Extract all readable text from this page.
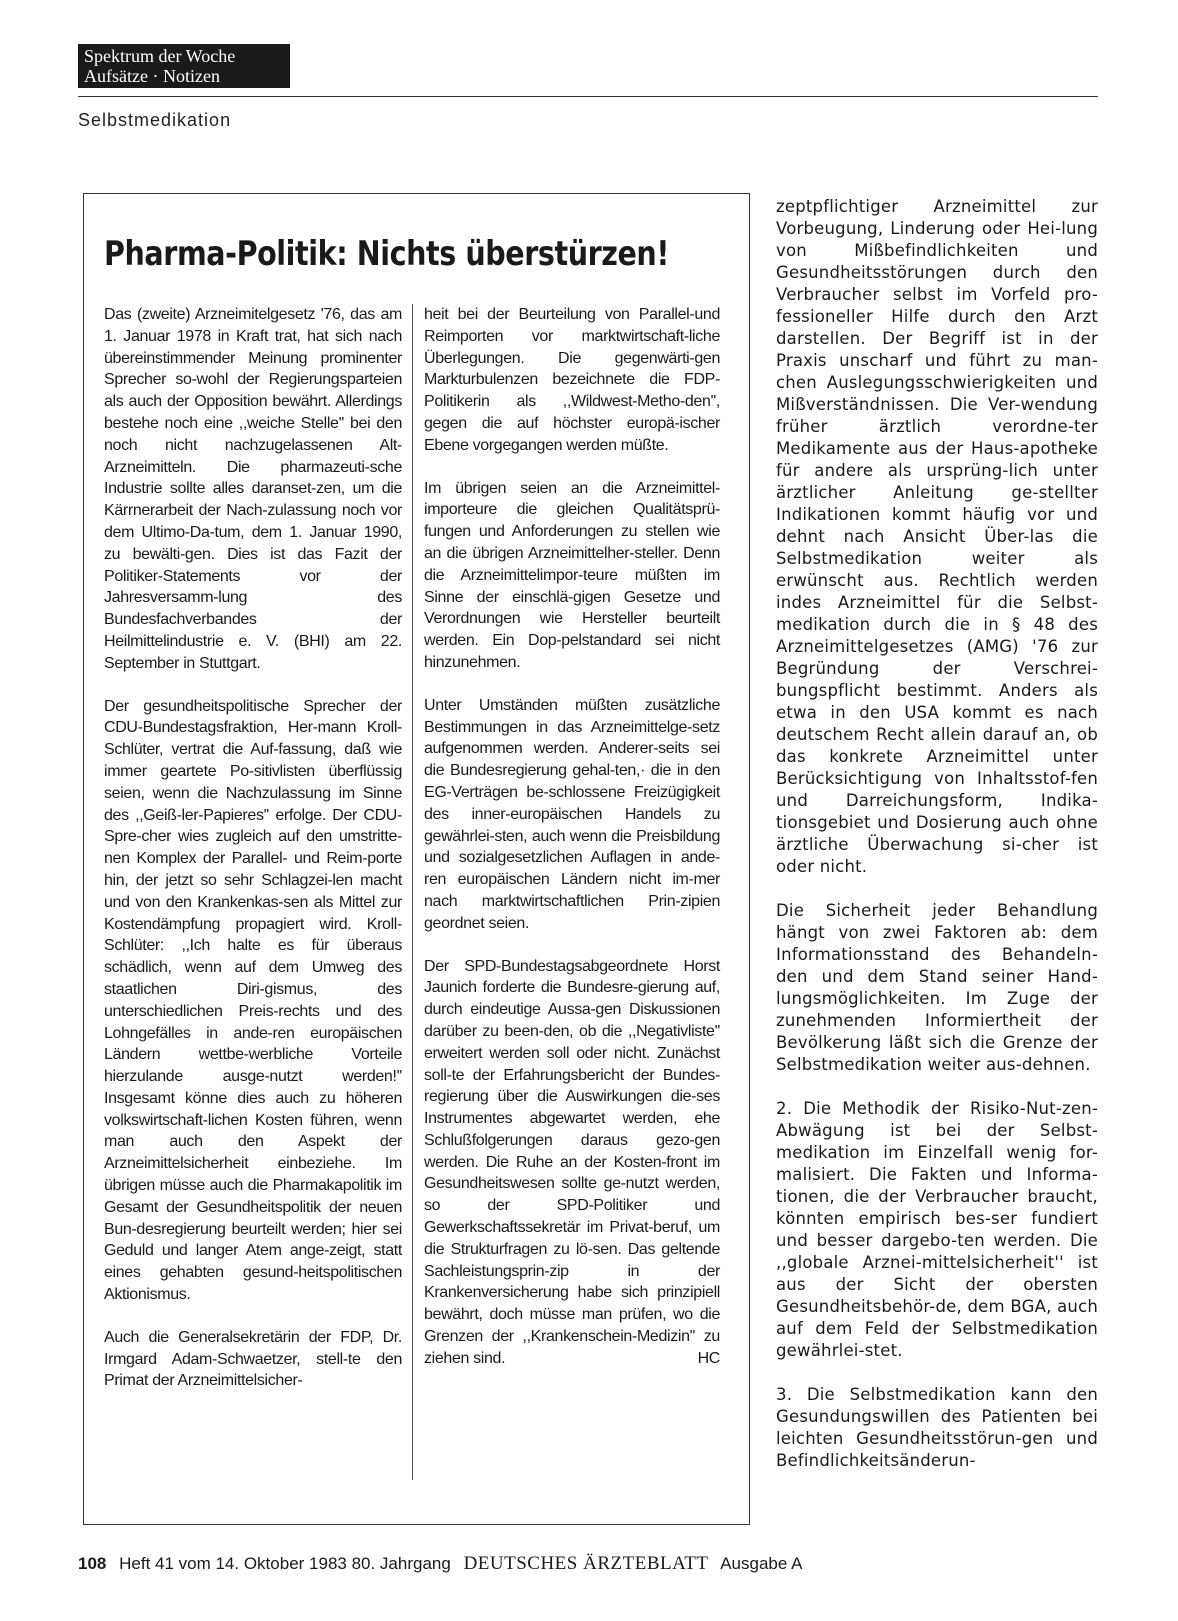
Spektrum der Woche
Aufsätze · Notizen
Selbstmedikation
Pharma-Politik: Nichts überstürzen!

Das (zweite) Arzneimitelgesetz '76, das am 1. Januar 1978 in Kraft trat, hat sich nach übereinstimmender Meinung prominenter Sprecher so-wohl der Regierungsparteien als auch der Opposition bewährt. Allerdings bestehe noch eine ,,weiche Stelle'' bei den noch nicht nachzugelassenen Alt-Arzneimitteln. Die pharmazeuti-sche Industrie sollte alles daranset-zen, um die Kärrnerarbeit der Nach-zulassung noch vor dem Ultimo-Da-tum, dem 1. Januar 1990, zu bewälti-gen. Dies ist das Fazit der Politiker-Statements vor der Jahresversamm-lung des Bundesfachverbandes der Heilmittelindustrie e. V. (BHI) am 22. September in Stuttgart.

Der gesundheitspolitische Sprecher der CDU-Bundestagsfraktion, Her-mann Kroll-Schlüter, vertrat die Auf-fassung, daß wie immer geartete Po-sitivlisten überflüssig seien, wenn die Nachzulassung im Sinne des ,,Geiß-ler-Papieres'' erfolge. Der CDU-Spre-cher wies zugleich auf den umstritte-nen Komplex der Parallel- und Reim-porte hin, der jetzt so sehr Schlagzei-len macht und von den Krankenkas-sen als Mittel zur Kostendämpfung propagiert wird. Kroll-Schlüter: ,,Ich halte es für überaus schädlich, wenn auf dem Umweg des staatlichen Diri-gismus, des unterschiedlichen Preis-rechts und des Lohngefälles in ande-ren europäischen Ländern wettbe-werbliche Vorteile hierzulande ausge-nutzt werden!'' Insgesamt könne dies auch zu höheren volkswirtschaft-lichen Kosten führen, wenn man auch den Aspekt der Arzneimittelsicherheit einbeziehe. Im übrigen müsse auch die Pharmakapolitik im Gesamt der Gesundheitspolitik der neuen Bun-desregierung beurteilt werden; hier sei Geduld und langer Atem ange-zeigt, statt eines gehabten gesund-heitspolitischen Aktionismus.

Auch die Generalsekretärin der FDP, Dr. Irmgard Adam-Schwaetzer, stell-te den Primat der Arzneimittelsicher-

heit bei der Beurteilung von Parallel-und Reimporten vor marktwirtschaft-liche Überlegungen. Die gegenwärti-gen Markturbulenzen bezeichnete die FDP-Politikerin als ,,Wildwest-Metho-den'', gegen die auf höchster europä-ischer Ebene vorgegangen werden müßte.

Im übrigen seien an die Arzneimittel-importeure die gleichen Qualitätsprü-fungen und Anforderungen zu stellen wie an die übrigen Arzneimittelher-steller. Denn die Arzneimittelimpor-teure müßten im Sinne der einschlä-gigen Gesetze und Verordnungen wie Hersteller beurteilt werden. Ein Dop-pelstandard sei nicht hinzunehmen.

Unter Umständen müßten zusätzliche Bestimmungen in das Arzneimittelge-setz aufgenommen werden. Anderer-seits sei die Bundesregierung gehal-ten,· die in den EG-Verträgen be-schlossene Freizügigkeit des inner-europäischen Handels zu gewährlei-sten, auch wenn die Preisbildung und sozialgesetzlichen Auflagen in ande-ren europäischen Ländern nicht im-mer nach marktwirtschaftlichen Prin-zipien geordnet seien.

Der SPD-Bundestagsabgeordnete Horst Jaunich forderte die Bundesre-gierung auf, durch eindeutige Aussa-gen Diskussionen darüber zu been-den, ob die ,,Negativliste'' erweitert werden soll oder nicht. Zunächst soll-te der Erfahrungsbericht der Bundes-regierung über die Auswirkungen die-ses Instrumentes abgewartet werden, ehe Schlußfolgerungen daraus gezo-gen werden. Die Ruhe an der Kosten-front im Gesundheitswesen sollte ge-nutzt werden, so der SPD-Politiker und Gewerkschaftssekretär im Privat-beruf, um die Strukturfragen zu lö-sen. Das geltende Sachleistungsprin-zip in der Krankenversicherung habe sich prinzipiell bewährt, doch müsse man prüfen, wo die Grenzen der ,,Krankenschein-Medizin'' zu ziehen sind.	HC

zeptpflichtiger Arzneimittel zur Vorbeugung, Linderung oder Hei-lung von Mißbefindlichkeiten und Gesundheitsstörungen durch den Verbraucher selbst im Vorfeld pro-fessioneller Hilfe durch den Arzt darstellen. Der Begriff ist in der Praxis unscharf und führt zu man-chen Auslegungsschwierigkeiten und Mißverständnissen. Die Ver-wendung früher ärztlich verordne-ter Medikamente aus der Haus-apotheke für andere als ursprüng-lich unter ärztlicher Anleitung ge-stellter Indikationen kommt häufig vor und dehnt nach Ansicht Über-las die Selbstmedikation weiter als erwünscht aus. Rechtlich werden indes Arzneimittel für die Selbst-medikation durch die in § 48 des Arzneimittelgesetzes (AMG) '76 zur Begründung der Verschrei-bungspflicht bestimmt. Anders als etwa in den USA kommt es nach deutschem Recht allein darauf an, ob das konkrete Arzneimittel unter Berücksichtigung von Inhaltsstof-fen und Darreichungsform, Indika-tionsgebiet und Dosierung auch ohne ärztliche Überwachung si-cher ist oder nicht.

Die Sicherheit jeder Behandlung hängt von zwei Faktoren ab: dem Informationsstand des Behandeln-den und dem Stand seiner Hand-lungsmöglichkeiten. Im Zuge der zunehmenden Informiertheit der Bevölkerung läßt sich die Grenze der Selbstmedikation weiter aus-dehnen.

2. Die Methodik der Risiko-Nut-zen-Abwägung ist bei der Selbst-medikation im Einzelfall wenig for-malisiert. Die Fakten und Informa-tionen, die der Verbraucher braucht, könnten empirisch bes-ser fundiert und besser dargebo-ten werden. Die ,,globale Arznei-mittelsicherheit'' ist aus der Sicht der obersten Gesundheitsbehör-de, dem BGA, auch auf dem Feld der Selbstmedikation gewährlei-stet.

3. Die Selbstmedikation kann den Gesundungswillen des Patienten bei leichten Gesundheitsstörun-gen und Befindlichkeitsänderun-

108 Heft 41 vom 14. Oktober 1983 80. Jahrgang DEUTSCHES ÄRZTEBLATT Ausgabe A
